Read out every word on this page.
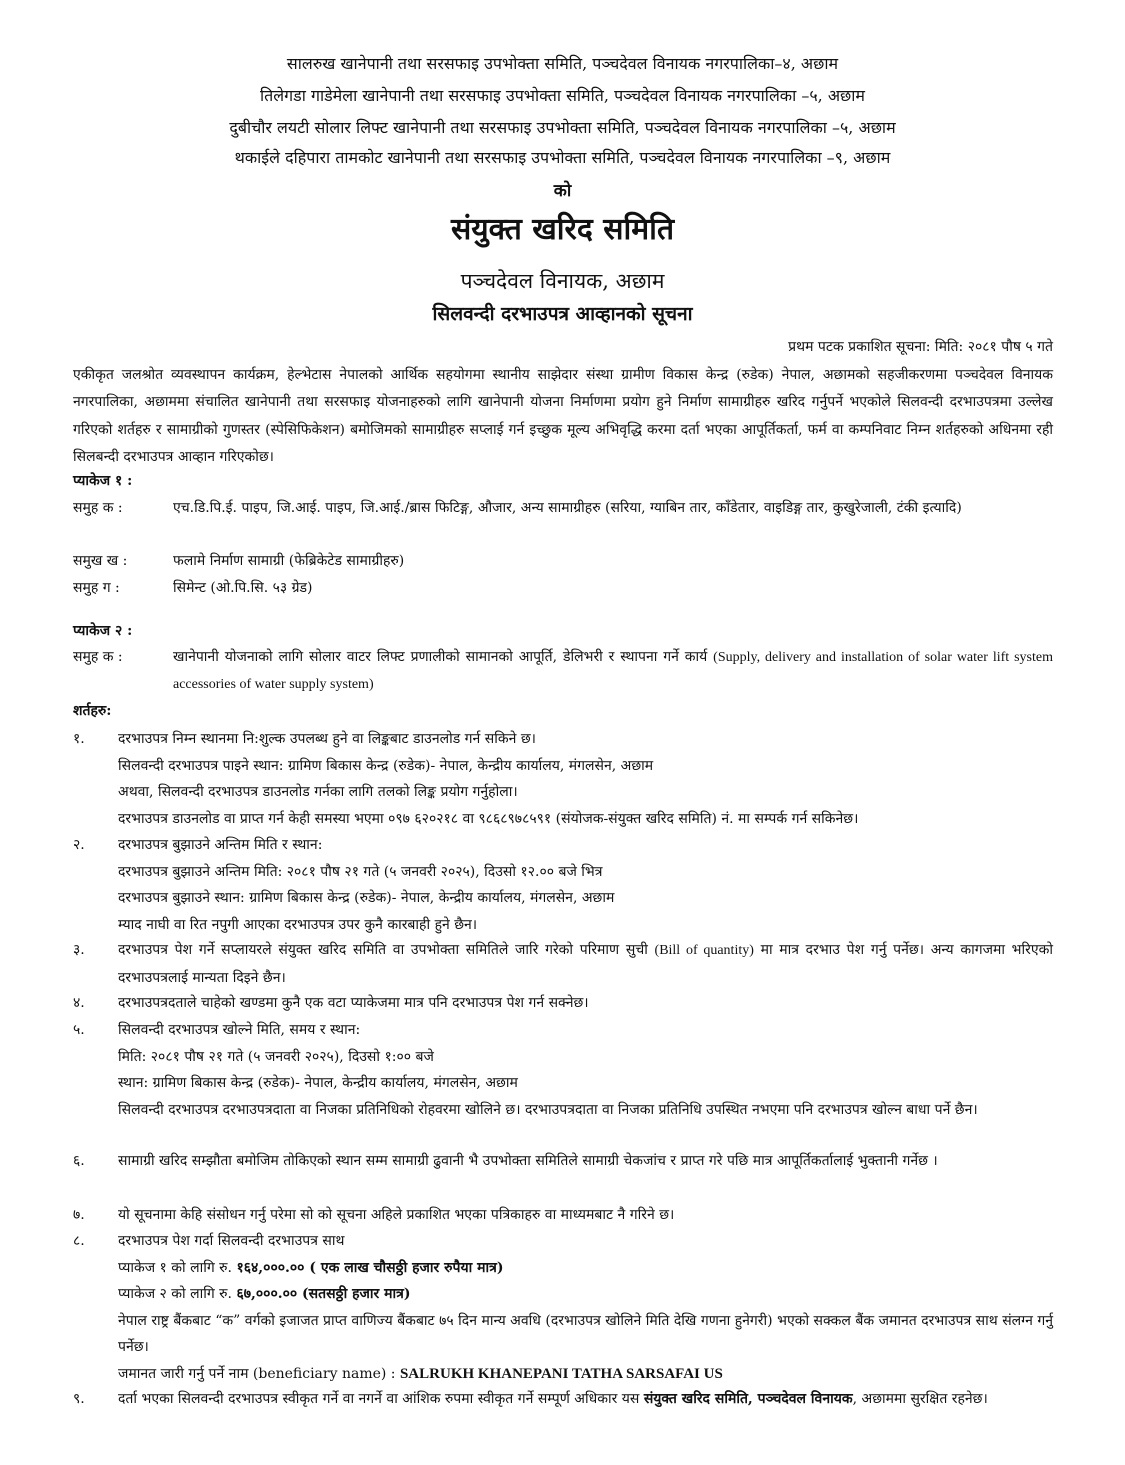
सालरुख खानेपानी तथा सरसफाइ उपभोक्ता समिति, पञ्चदेवल विनायक नगरपालिका–४, अछाम
तिलेगडा गाडेमेला खानेपानी तथा सरसफाइ उपभोक्ता समिति, पञ्चदेवल विनायक नगरपालिका –५, अछाम
दुबीचौर लयटी सोलार लिफ्ट खानेपानी तथा सरसफाइ उपभोक्ता समिति, पञ्चदेवल विनायक नगरपालिका –५, अछाम
थकाईले दहिपारा तामकोट खानेपानी तथा सरसफाइ उपभोक्ता समिति, पञ्चदेवल विनायक नगरपालिका –९, अछाम
को
संयुक्त खरिद समिति
पञ्चदेवल विनायक, अछाम
सिलवन्दी दरभाउपत्र आव्हानको सूचना
प्रथम पटक प्रकाशित सूचना: मिति: २०८१ पौष ५ गते
एकीकृत जलश्रोत व्यवस्थापन कार्यक्रम, हेल्भेटास नेपालको आर्थिक सहयोगमा स्थानीय साझेदार संस्था ग्रामीण विकास केन्द्र (रुडेक) नेपाल, अछामको सहजीकरणमा पञ्चदेवल विनायक नगरपालिका, अछाममा संचालित खानेपानी तथा सरसफाइ योजनाहरुको लागि खानेपानी योजना निर्माणमा प्रयोग हुने निर्माण सामाग्रीहरु खरिद गर्नुपर्ने भएकोले सिलवन्दी दरभाउपत्रमा उल्लेख गरिएको शर्तहरु र सामाग्रीको गुणस्तर (स्पेसिफिकेशन) बमोजिमको सामाग्रीहरु सप्लाई गर्न इच्छुक मूल्य अभिवृद्धि करमा दर्ता भएका आपूर्तिकर्ता, फर्म वा कम्पनिवाट निम्न शर्तहरुको अधिनमा रही सिलबन्दी दरभाउपत्र आव्हान गरिएकोछ।
प्याकेज १ :
समुह क :	एच.डि.पि.ई. पाइप, जि.आई. पाइप, जि.आई./ब्रास फिटिङ्ग, औजार, अन्य सामाग्रीहरु (सरिया, ग्याबिन तार, काँडेतार, वाइडिङ्ग तार, कुखुरेजाली, टंकी इत्यादि)
समुख ख :	फलामे निर्माण सामाग्री (फेब्रिकेटेड सामाग्रीहरु)
समुह ग :	सिमेन्ट (ओ.पि.सि. ५३ ग्रेड)
प्याकेज २ :
समुह क :	खानेपानी योजनाको लागि सोलार वाटर लिफ्ट प्रणालीको सामानको आपूर्ति, डेलिभरी र स्थापना गर्ने कार्य (Supply, delivery and installation of solar water lift system accessories of water supply system)
शर्तहरु:
१.	दरभाउपत्र निम्न स्थानमा नि:शुल्क उपलब्ध हुने वा लिङ्कबाट डाउनलोड गर्न सकिने छ।
सिलवन्दी दरभाउपत्र पाइने स्थान: ग्रामिण बिकास केन्द्र (रुडेक)- नेपाल, केन्द्रीय कार्यालय, मंगलसेन, अछाम
अथवा, सिलवन्दी दरभाउपत्र डाउनलोड गर्नका लागि तलको लिङ्क प्रयोग गर्नुहोला।
दरभाउपत्र डाउनलोड वा प्राप्त गर्न केही समस्या भएमा ०९७ ६२०२१८ वा ९८६८९७८५९१ (संयोजक-संयुक्त खरिद समिति) नं. मा सम्पर्क गर्न सकिनेछ।
२.	दरभाउपत्र बुझाउने अन्तिम मिति र स्थान:
दरभाउपत्र बुझाउने अन्तिम मिति: २०८१ पौष २१ गते (५ जनवरी २०२५), दिउसो १२.०० बजे भित्र
दरभाउपत्र बुझाउने स्थान: ग्रामिण बिकास केन्द्र (रुडेक)- नेपाल, केन्द्रीय कार्यालय, मंगलसेन, अछाम
म्याद नाघी वा रित नपुगी आएका दरभाउपत्र उपर कुनै कारबाही हुने छैन।
३.	दरभाउपत्र पेश गर्ने सप्लायरले संयुक्त खरिद समिति वा उपभोक्ता समितिले जारि गरेको परिमाण सुची (Bill of quantity) मा मात्र दरभाउ पेश गर्नु पर्नेछ। अन्य कागजमा भरिएको दरभाउपत्रलाई मान्यता दिइने छैन।
४.	दरभाउपत्रदताले चाहेको खण्डमा कुनै एक वटा प्याकेजमा मात्र पनि दरभाउपत्र पेश गर्न सक्नेछ।
५.	सिलवन्दी दरभाउपत्र खोल्ने मिति, समय र स्थान:
मिति: २०८१ पौष २१ गते (५ जनवरी २०२५), दिउसो १:०० बजे
स्थान: ग्रामिण बिकास केन्द्र (रुडेक)- नेपाल, केन्द्रीय कार्यालय, मंगलसेन, अछाम
सिलवन्दी दरभाउपत्र दरभाउपत्रदाता वा निजका प्रतिनिधिको रोहवरमा खोलिने छ। दरभाउपत्रदाता वा निजका प्रतिनिधि उपस्थित नभएमा पनि दरभाउपत्र खोल्न बाधा पर्ने छैन।
६.	सामाग्री खरिद सम्झौता बमोजिम तोकिएको स्थान सम्म सामाग्री ढुवानी भै उपभोक्ता समितिले सामाग्री चेकजांच र प्राप्त गरे पछि मात्र आपूर्तिकर्तालाई भुक्तानी गर्नेछ ।
७.	यो सूचनामा केहि संसोधन गर्नु परेमा सो को सूचना अहिले प्रकाशित भएका पत्रिकाहरु वा माध्यमबाट नै गरिने छ।
८.	दरभाउपत्र पेश गर्दा सिलवन्दी दरभाउपत्र साथ
प्याकेज १ को लागि रु. १६४,०००.०० ( एक लाख चौसठ्ठी हजार रुपैया मात्र)
प्याकेज २ को लागि रु. ६७,०००.०० (सतसठ्ठी हजार मात्र)
नेपाल राष्ट्र बैंकबाट “क” वर्गको इजाजत प्राप्त वाणिज्य बैंकबाट ७५ दिन मान्य अवधि (दरभाउपत्र खोलिने मिति देखि गणना हुनेगरी) भएको सक्कल बैंक जमानत दरभाउपत्र साथ संलग्न गर्नु पर्नेछ।
जमानत जारी गर्नु पर्ने नाम (beneficiary name) : SALRUKH KHANEPANI TATHA SARSAFAI US
९.	दर्ता भएका सिलवन्दी दरभाउपत्र स्वीकृत गर्ने वा नगर्ने वा आंशिक रुपमा स्वीकृत गर्ने सम्पूर्ण अधिकार यस संयुक्त खरिद समिति, पञ्चदेवल विनायक, अछाममा सुरक्षित रहनेछ।
